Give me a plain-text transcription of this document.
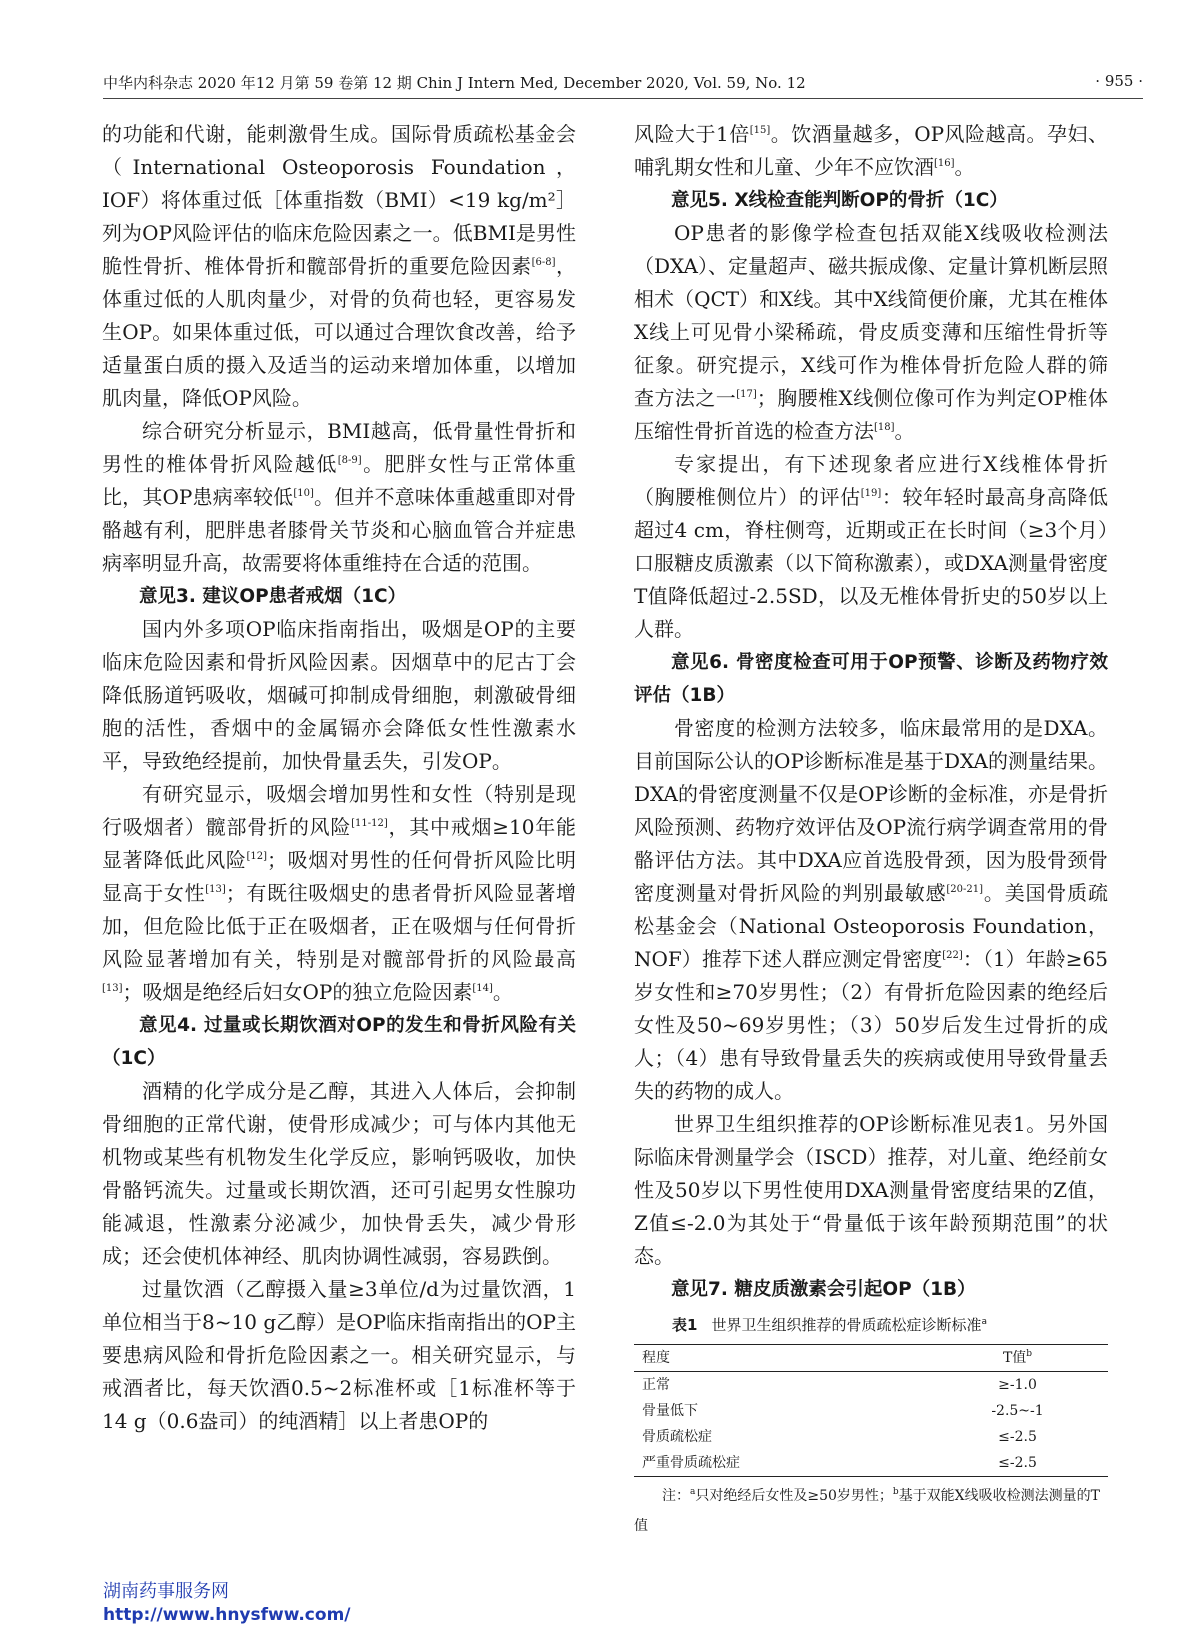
中华内科杂志 2020 年12 月第 59 卷第 12 期 Chin J Intern Med, December 2020, Vol. 59, No. 12	· 955 ·

的功能和代谢，能刺激骨生成。国际骨质疏松基金会（International Osteoporosis Foundation，IOF）将体重过低［体重指数（BMI）<19 kg/m²］列为OP风险评估的临床危险因素之一。低BMI是男性脆性骨折、椎体骨折和髋部骨折的重要危险因素[6-8]，体重过低的人肌肉量少，对骨的负荷也轻，更容易发生OP。如果体重过低，可以通过合理饮食改善，给予适量蛋白质的摄入及适当的运动来增加体重，以增加肌肉量，降低OP风险。

综合研究分析显示，BMI越高，低骨量性骨折和男性的椎体骨折风险越低[8-9]。肥胖女性与正常体重比，其OP患病率较低[10]。但并不意味体重越重即对骨骼越有利，肥胖患者膝骨关节炎和心脑血管合并症患病率明显升高，故需要将体重维持在合适的范围。

意见3. 建议OP患者戒烟（1C）

国内外多项OP临床指南指出，吸烟是OP的主要临床危险因素和骨折风险因素。因烟草中的尼古丁会降低肠道钙吸收，烟碱可抑制成骨细胞，刺激破骨细胞的活性，香烟中的金属镉亦会降低女性性激素水平，导致绝经提前，加快骨量丢失，引发OP。

有研究显示，吸烟会增加男性和女性（特别是现行吸烟者）髋部骨折的风险[11-12]，其中戒烟≥10年能显著降低此风险[12]；吸烟对男性的任何骨折风险比明显高于女性[13]；有既往吸烟史的患者骨折风险显著增加，但危险比低于正在吸烟者，正在吸烟与任何骨折风险显著增加有关，特别是对髋部骨折的风险最高[13]；吸烟是绝经后妇女OP的独立危险因素[14]。

意见4. 过量或长期饮酒对OP的发生和骨折风险有关（1C）

酒精的化学成分是乙醇，其进入人体后，会抑制骨细胞的正常代谢，使骨形成减少；可与体内其他无机物或某些有机物发生化学反应，影响钙吸收，加快骨骼钙流失。过量或长期饮酒，还可引起男女性腺功能减退，性激素分泌减少，加快骨丢失，减少骨形成；还会使机体神经、肌肉协调性减弱，容易跌倒。

过量饮酒（乙醇摄入量≥3单位/d为过量饮酒，1单位相当于8~10 g乙醇）是OP临床指南指出的OP主要患病风险和骨折危险因素之一。相关研究显示，与戒酒者比，每天饮酒0.5~2标准杯或［1标准杯等于14 g（0.6盎司）的纯酒精］以上者患OP的

风险大于1倍[15]。饮酒量越多，OP风险越高。孕妇、哺乳期女性和儿童、少年不应饮酒[16]。

意见5. X线检查能判断OP的骨折（1C）

OP患者的影像学检查包括双能X线吸收检测法（DXA）、定量超声、磁共振成像、定量计算机断层照相术（QCT）和X线。其中X线简便价廉，尤其在椎体X线上可见骨小梁稀疏，骨皮质变薄和压缩性骨折等征象。研究提示，X线可作为椎体骨折危险人群的筛查方法之一[17]；胸腰椎X线侧位像可作为判定OP椎体压缩性骨折首选的检查方法[18]。

专家提出，有下述现象者应进行X线椎体骨折（胸腰椎侧位片）的评估[19]：较年轻时最高身高降低超过4 cm，脊柱侧弯，近期或正在长时间（≥3个月）口服糖皮质激素（以下简称激素），或DXA测量骨密度T值降低超过-2.5SD，以及无椎体骨折史的50岁以上人群。

意见6. 骨密度检查可用于OP预警、诊断及药物疗效评估（1B）

骨密度的检测方法较多，临床最常用的是DXA。目前国际公认的OP诊断标准是基于DXA的测量结果。DXA的骨密度测量不仅是OP诊断的金标准，亦是骨折风险预测、药物疗效评估及OP流行病学调查常用的骨骼评估方法。其中DXA应首选股骨颈，因为股骨颈骨密度测量对骨折风险的判别最敏感[20-21]。美国骨质疏松基金会（National Osteoporosis Foundation，NOF）推荐下述人群应测定骨密度[22]：（1）年龄≥65岁女性和≥70岁男性；（2）有骨折危险因素的绝经后女性及50~69岁男性；（3）50岁后发生过骨折的成人；（4）患有导致骨量丢失的疾病或使用导致骨量丢失的药物的成人。

世界卫生组织推荐的OP诊断标准见表1。另外国际临床骨测量学会（ISCD）推荐，对儿童、绝经前女性及50岁以下男性使用DXA测量骨密度结果的Z值，Z值≤-2.0为其处于“骨量低于该年龄预期范围”的状态。

意见7. 糖皮质激素会引起OP（1B）

表1 世界卫生组织推荐的骨质疏松症诊断标准$^a$
程度	T值$^b$
正常	≥-1.0
骨量低下	-2.5~-1
骨质疏松症	≤-2.5
严重骨质疏松症	≤-2.5
注：$^a$只对绝经后女性及≥50岁男性；$^b$基于双能X线吸收检测法测量的T值
湖南药事服务网
http://www.hnysfww.com/
